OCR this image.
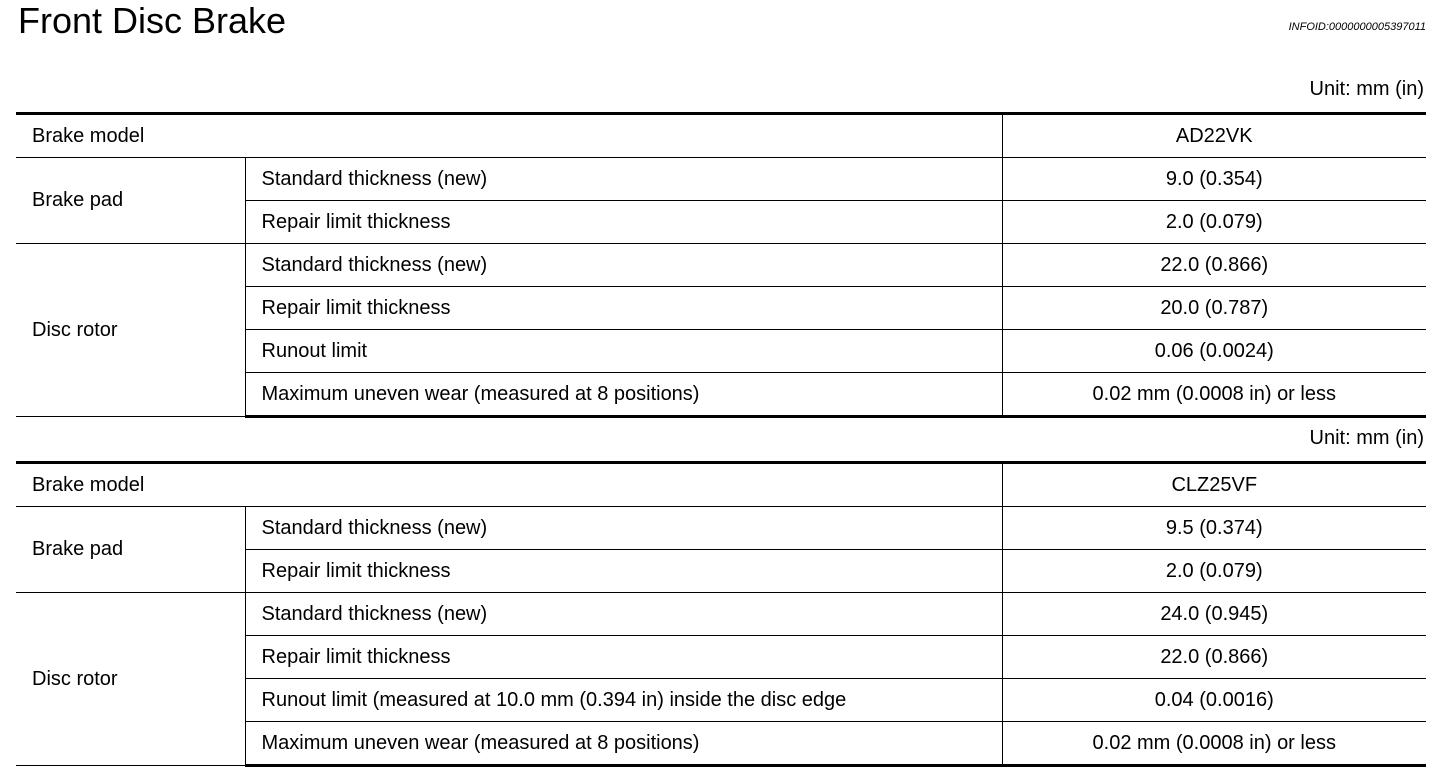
Front Disc Brake	INFOID:0000000005397011
Unit: mm (in)
Brake model		AD22VK
Brake pad	Standard thickness (new)	9.0 (0.354)
	Repair limit thickness	2.0 (0.079)
Disc rotor	Standard thickness (new)	22.0 (0.866)
	Repair limit thickness	20.0 (0.787)
	Runout limit	0.06 (0.0024)
	Maximum uneven wear (measured at 8 positions)	0.02 mm (0.0008 in) or less
Unit: mm (in)
Brake model		CLZ25VF
Brake pad	Standard thickness (new)	9.5 (0.374)
	Repair limit thickness	2.0 (0.079)
Disc rotor	Standard thickness (new)	24.0 (0.945)
	Repair limit thickness	22.0 (0.866)
	Runout limit (measured at 10.0 mm (0.394 in) inside the disc edge	0.04 (0.0016)
	Maximum uneven wear (measured at 8 positions)	0.02 mm (0.0008 in) or less
